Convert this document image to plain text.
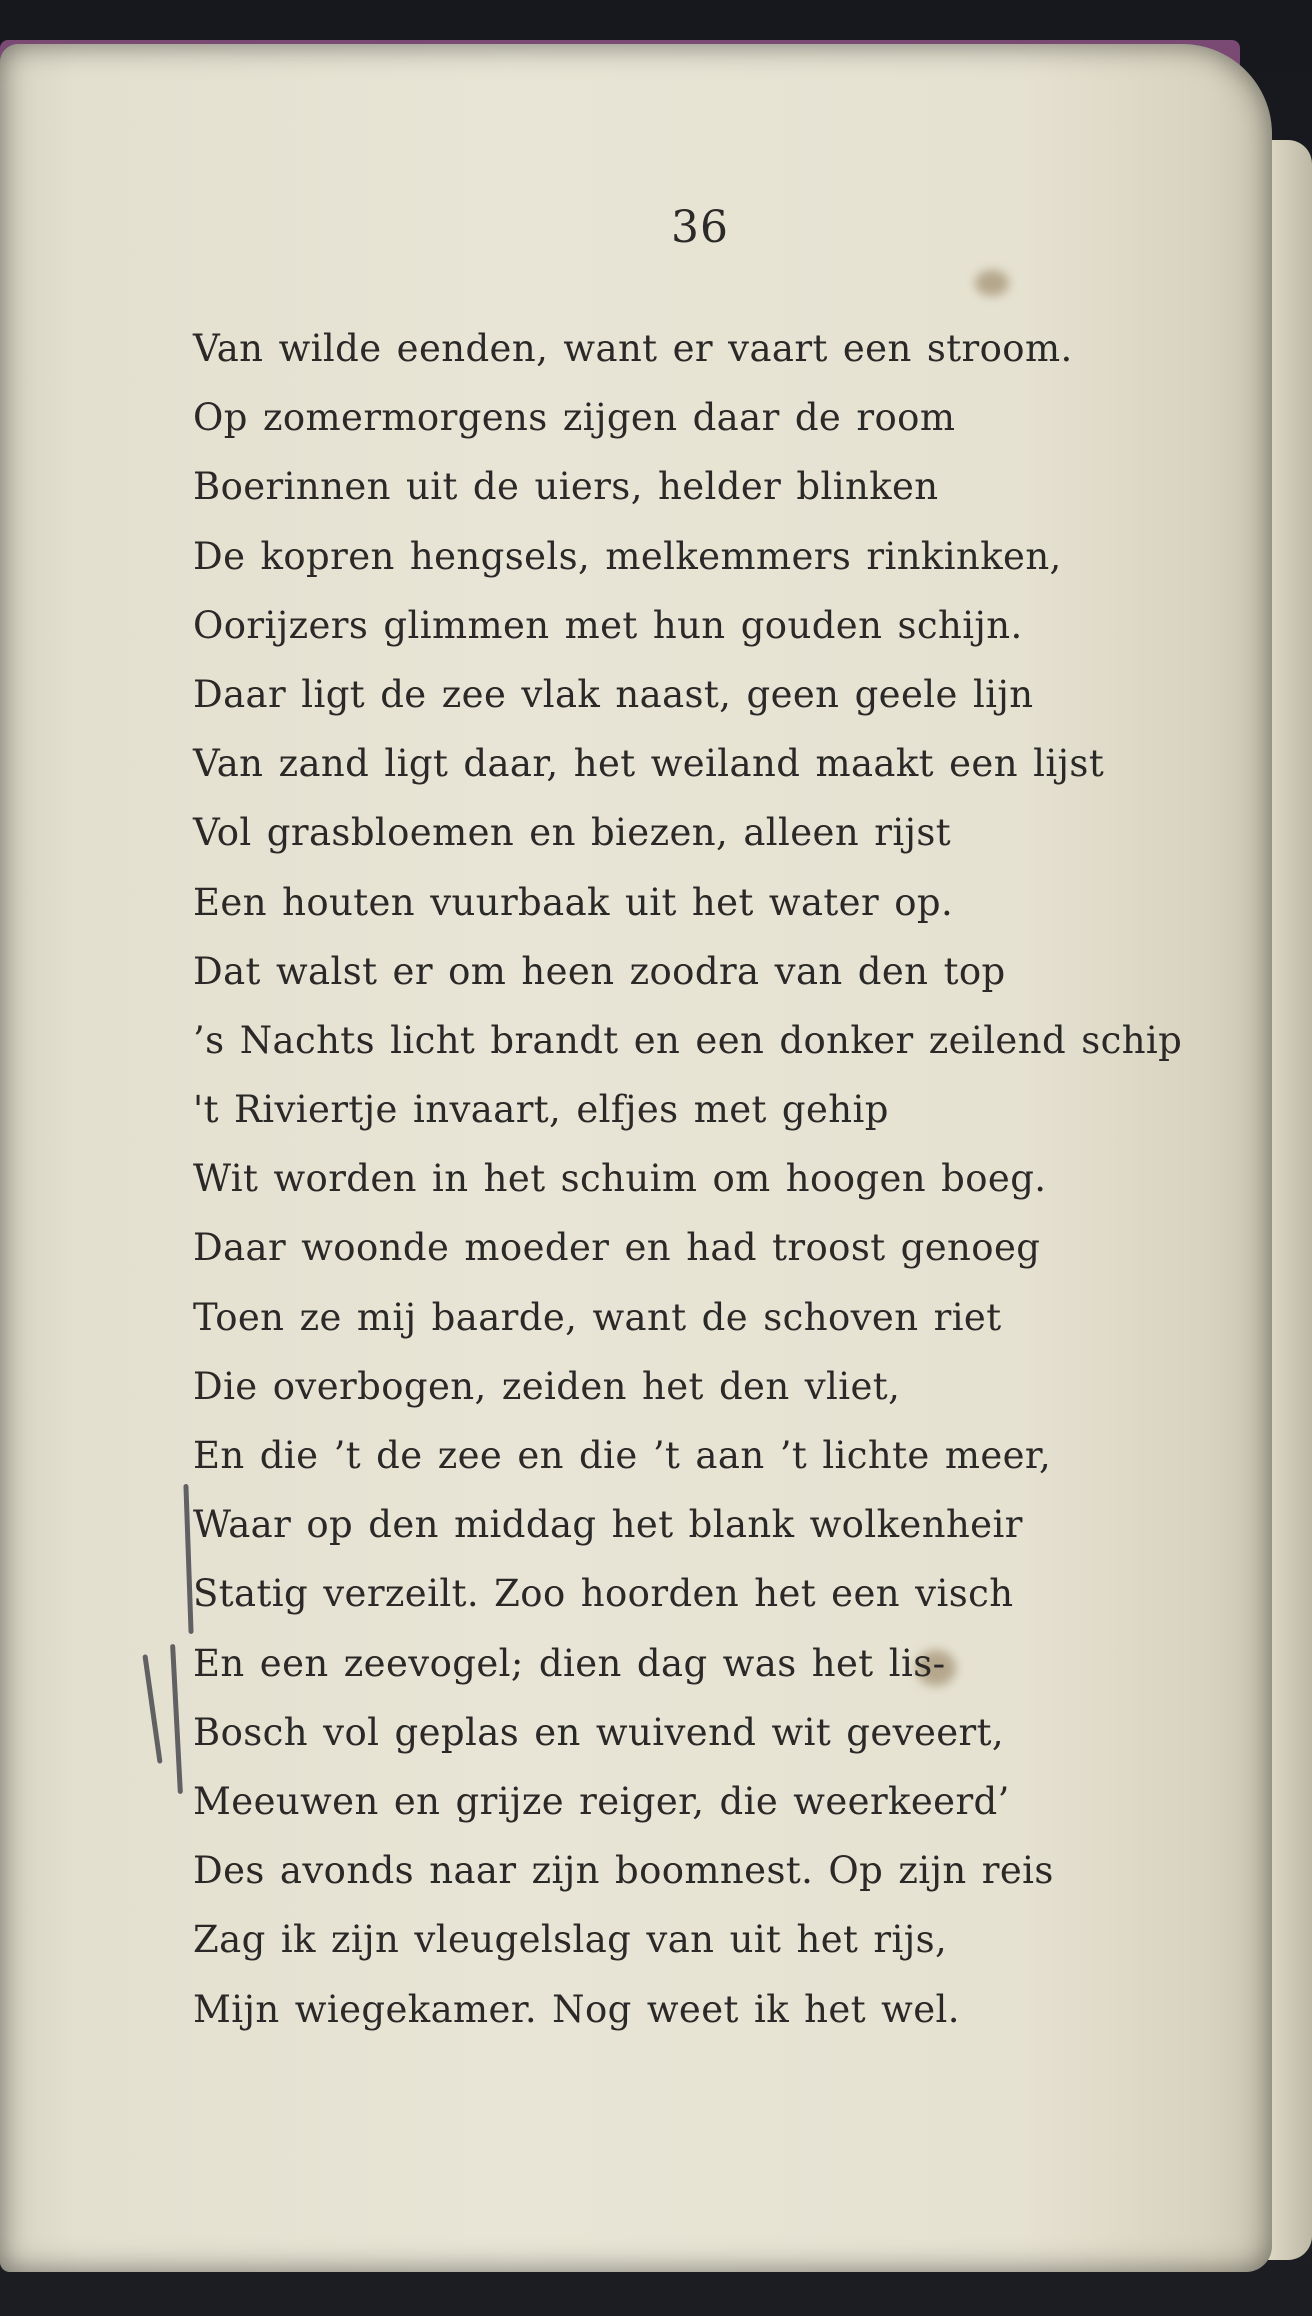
36
Van wilde eenden, want er vaart een stroom.
Op zomermorgens zijgen daar de room
Boerinnen uit de uiers, helder blinken
De kopren hengsels, melkemmers rinkinken,
Oorijzers glimmen met hun gouden schijn.
Daar ligt de zee vlak naast, geen geele lijn
Van zand ligt daar, het weiland maakt een lijst
Vol grasbloemen en biezen, alleen rijst
Een houten vuurbaak uit het water op.
Dat walst er om heen zoodra van den top
’s Nachts licht brandt en een donker zeilend schip
't Riviertje invaart, elfjes met gehip
Wit worden in het schuim om hoogen boeg.
Daar woonde moeder en had troost genoeg
Toen ze mij baarde, want de schoven riet
Die overbogen, zeiden het den vliet,
En die ’t de zee en die ’t aan ’t lichte meer,
Waar op den middag het blank wolkenheir
Statig verzeilt. Zoo hoorden het een visch
En een zeevogel; dien dag was het lis-
Bosch vol geplas en wuivend wit geveert,
Meeuwen en grijze reiger, die weerkeerd’
Des avonds naar zijn boomnest. Op zijn reis
Zag ik zijn vleugelslag van uit het rijs,
Mijn wiegekamer. Nog weet ik het wel.
